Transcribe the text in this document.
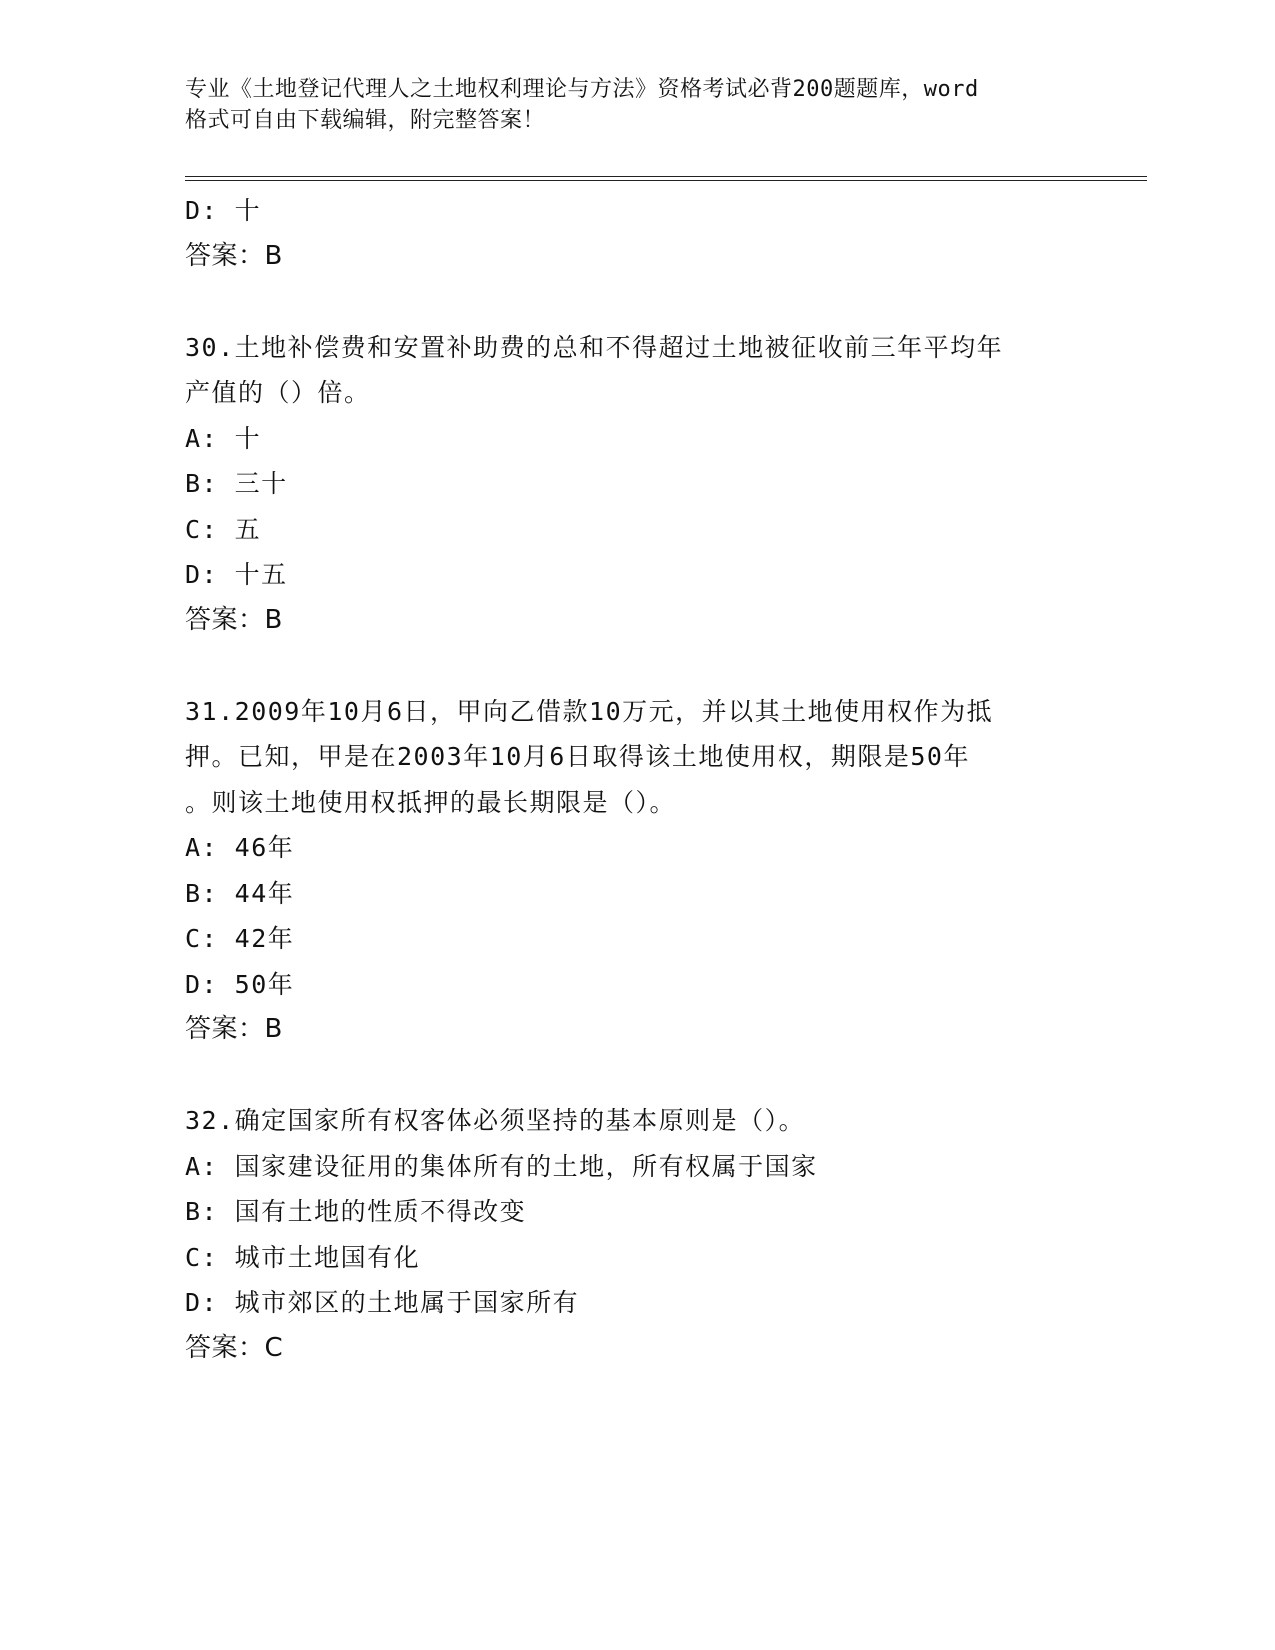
专业《土地登记代理人之土地权利理论与方法》资格考试必背200题题库，word
格式可自由下载编辑，附完整答案！
D: 十
答案：B
30.土地补偿费和安置补助费的总和不得超过土地被征收前三年平均年
产值的（）倍。
A: 十
B: 三十
C: 五
D: 十五
答案：B
31.2009年10月6日，甲向乙借款10万元，并以其土地使用权作为抵
押。已知，甲是在2003年10月6日取得该土地使用权，期限是50年
。则该土地使用权抵押的最长期限是（）。
A: 46年
B: 44年
C: 42年
D: 50年
答案：B
32.确定国家所有权客体必须坚持的基本原则是（）。
A: 国家建设征用的集体所有的土地，所有权属于国家
B: 国有土地的性质不得改变
C: 城市土地国有化
D: 城市郊区的土地属于国家所有
答案：C
